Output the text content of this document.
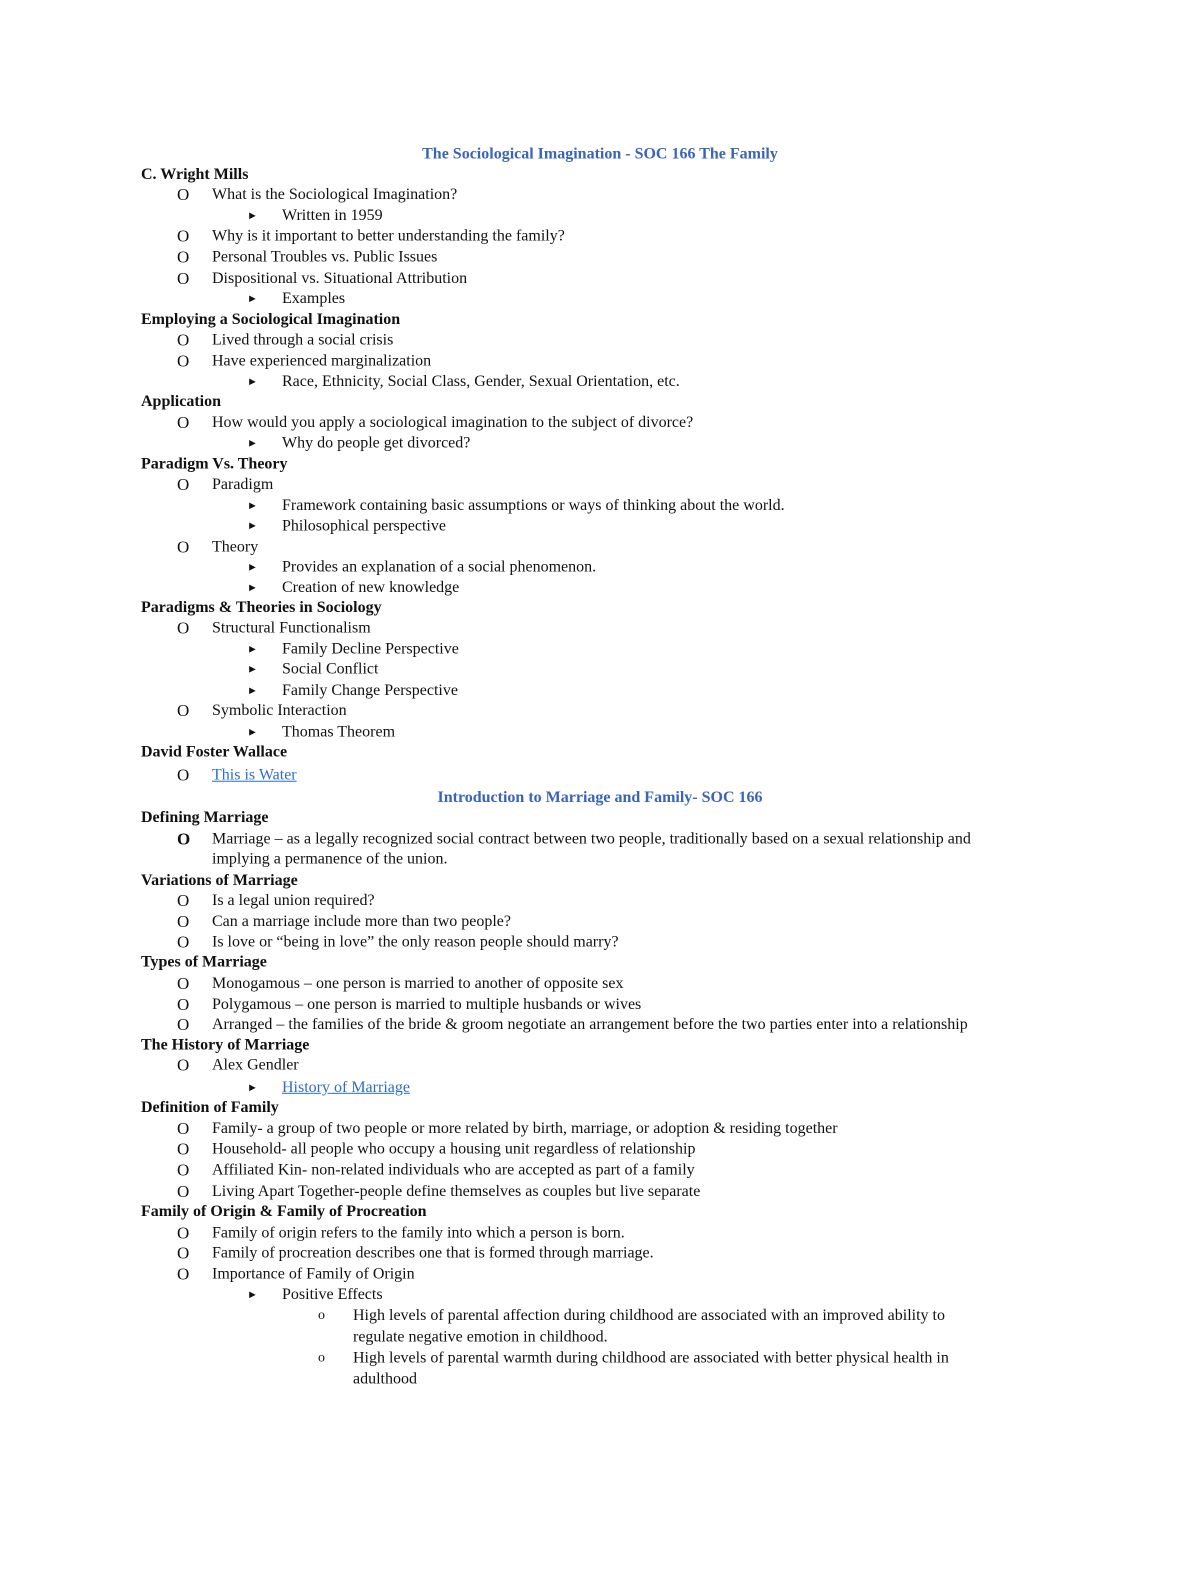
The Sociological Imagination - SOC 166 The Family
C. Wright Mills
O	What is the Sociological Imagination?
►	Written in 1959
O	Why is it important to better understanding the family?
O	Personal Troubles vs. Public Issues
O	Dispositional vs. Situational Attribution
►	Examples
Employing a Sociological Imagination
O	Lived through a social crisis
O	Have experienced marginalization
►	Race, Ethnicity, Social Class, Gender, Sexual Orientation, etc.
Application
O	How would you apply a sociological imagination to the subject of divorce?
►	Why do people get divorced?
Paradigm Vs. Theory
O	Paradigm
►	Framework containing basic assumptions or ways of thinking about the world.
►	Philosophical perspective
O	Theory
►	Provides an explanation of a social phenomenon.
►	Creation of new knowledge
Paradigms & Theories in Sociology
O	Structural Functionalism
►	Family Decline Perspective
►	Social Conflict
►	Family Change Perspective
O	Symbolic Interaction
►	Thomas Theorem
David Foster Wallace
O	This is Water
Introduction to Marriage and Family- SOC 166
Defining Marriage
O	Marriage – as a legally recognized social contract between two people, traditionally based on a sexual relationship and
implying a permanence of the union.
Variations of Marriage
O	Is a legal union required?
O	Can a marriage include more than two people?
O	Is love or “being in love” the only reason people should marry?
Types of Marriage
O	Monogamous – one person is married to another of opposite sex
O	Polygamous – one person is married to multiple husbands or wives
O	Arranged – the families of the bride & groom negotiate an arrangement before the two parties enter into a relationship
The History of Marriage
O	Alex Gendler
►	History of Marriage
Definition of Family
O	Family- a group of two people or more related by birth, marriage, or adoption & residing together
O	Household- all people who occupy a housing unit regardless of relationship
O	Affiliated Kin- non-related individuals who are accepted as part of a family
O	Living Apart Together-people define themselves as couples but live separate
Family of Origin & Family of Procreation
O	Family of origin refers to the family into which a person is born.
O	Family of procreation describes one that is formed through marriage.
O	Importance of Family of Origin
►	Positive Effects
o	High levels of parental affection during childhood are associated with an improved ability to
regulate negative emotion in childhood.
o	High levels of parental warmth during childhood are associated with better physical health in
adulthood
